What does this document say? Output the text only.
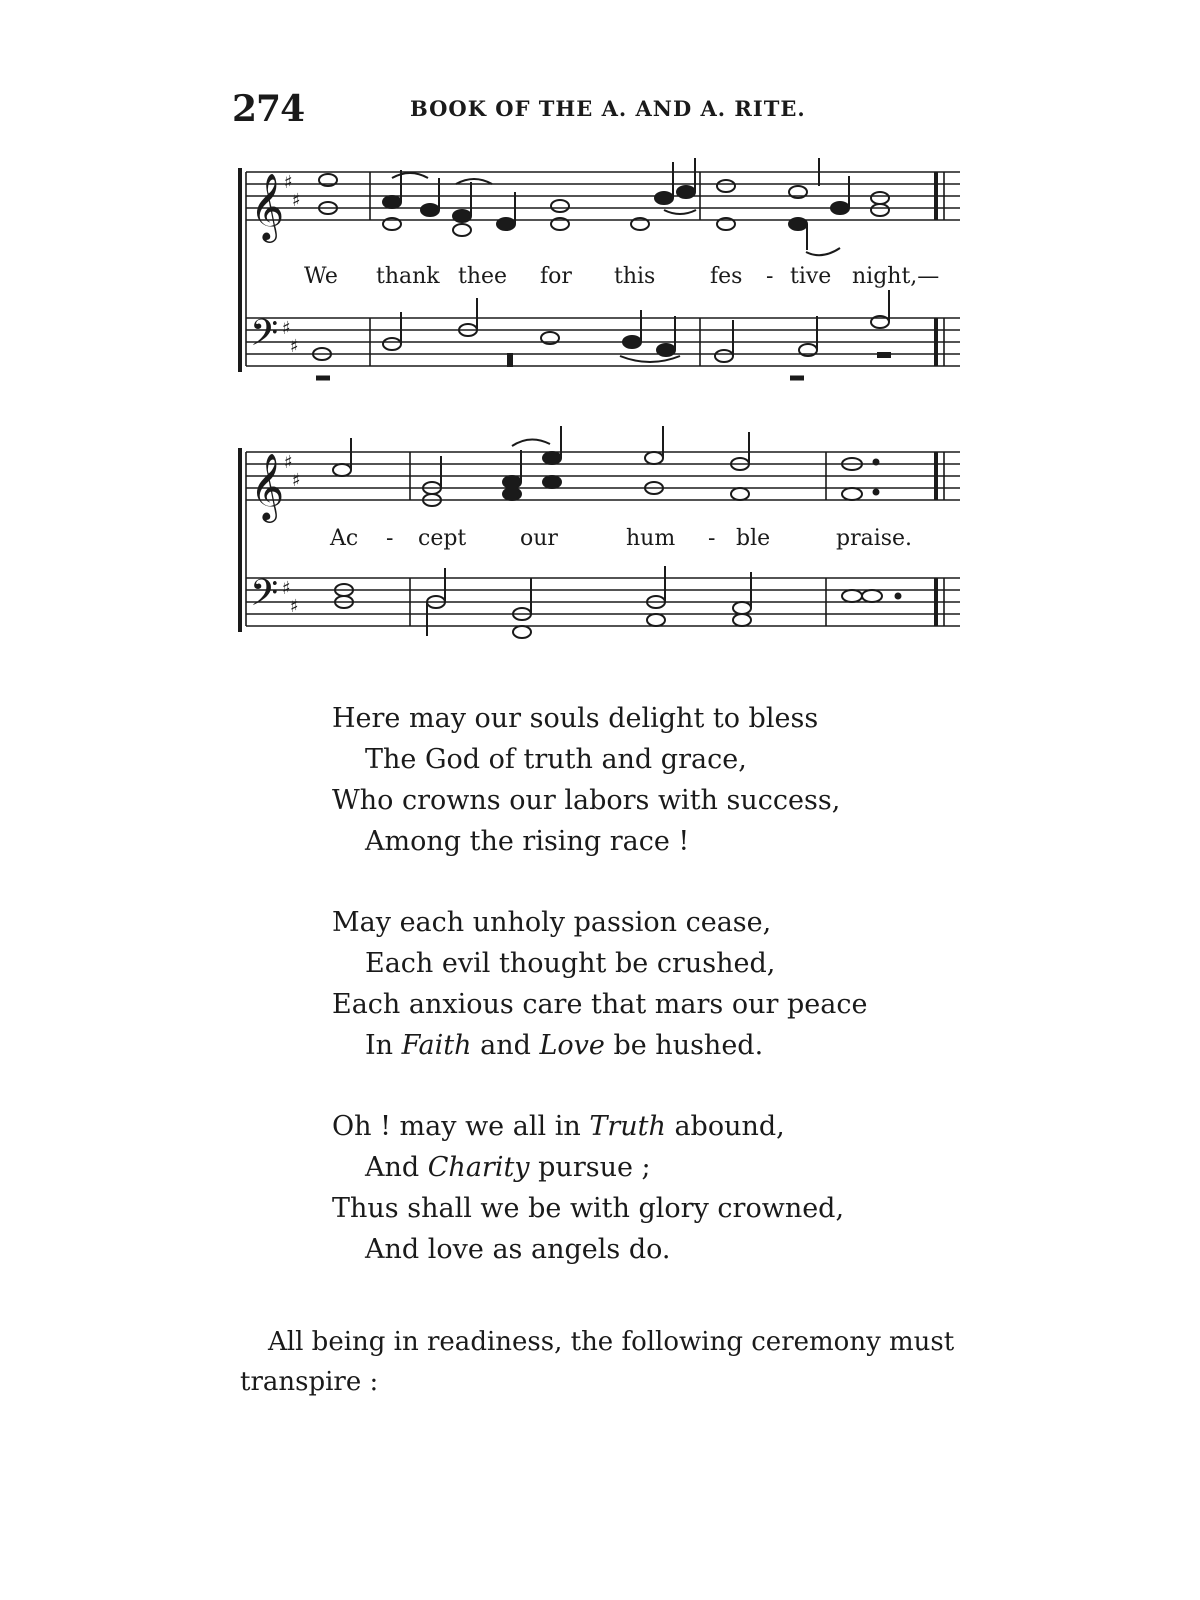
274	BOOK OF THE A. AND A. RITE.
𝄞
𝄢
♯
♯
♯
♯
𝄞
𝄢
♯
♯
♯
♯
We thank thee for this fes - tive night,—
Ac - cept our	hum - ble	praise.
Here may our souls delight to bless
The God of truth and grace,
Who crowns our labors with success,
Among the rising race !
May each unholy passion cease,
Each evil thought be crushed,
Each anxious care that mars our peace
In Faith and Love be hushed.
Oh ! may we all in Truth abound,
And Charity pursue ;
Thus shall we be with glory crowned,
And love as angels do.
All being in readiness, the following ceremony must
transpire :
